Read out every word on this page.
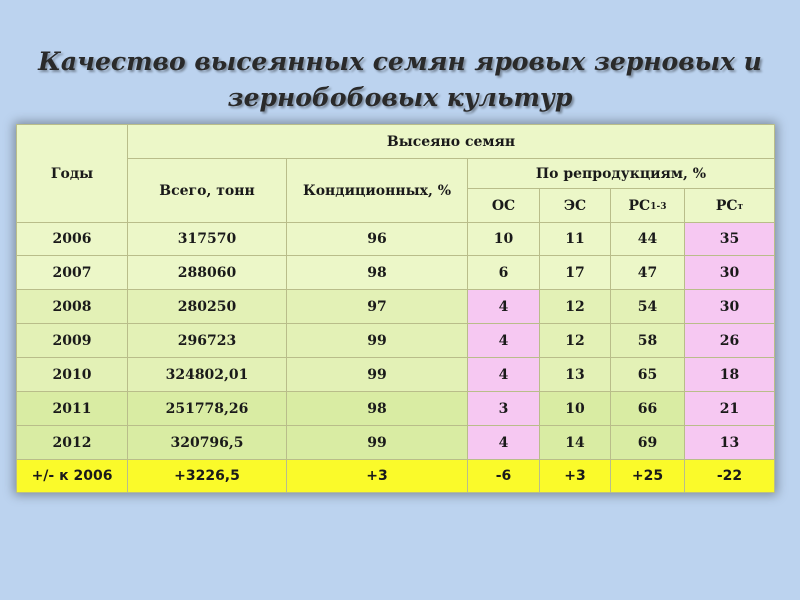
Качество высеянных семян яровых зерновых и
зернобобовых культур
Годы	Высеяно семян					
	Всего, тонн	Кондиционных, %	По репродукциям, %			
			ОС	ЭС	$РС_{1-3}$	$РС_т$
2006	317570	96	10	11	44	35
2007	288060	98	6	17	47	30
2008	280250	97	4	12	54	30
2009	296723	99	4	12	58	26
2010	324802,01	99	4	13	65	18
2011	251778,26	98	3	10	66	21
2012	320796,5	99	4	14	69	13
+/- к 2006	+3226,5	+3	-6	+3	+25	-22
